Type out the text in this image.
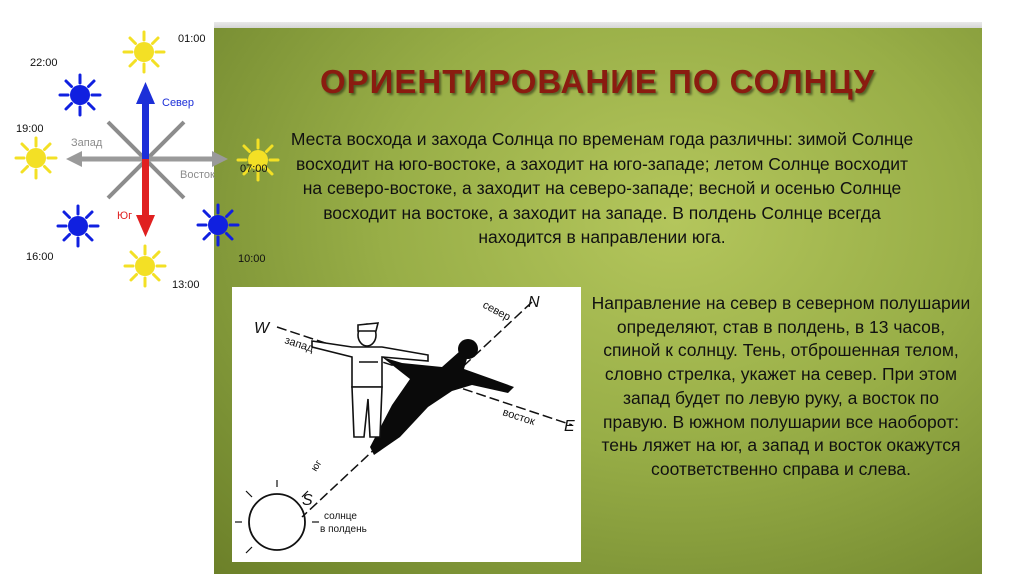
ОРИЕНТИРОВАНИЕ ПО СОЛНЦУ
Места восхода и захода Солнца по временам года различны: зимой Солнце восходит на юго-востоке, а заходит на юго-западе; летом Солнце восходит на северо-востоке, а заходит на северо-западе; весной и осенью Солнце восходит на востоке, а заходит на западе. В полдень Солнце всегда находится в направлении юга.
Направление на север в северном полушарии определяют, став в полдень, в 13 часов, спиной к солнцу. Тень, отброшенная телом, словно стрелка, укажет на север. При этом запад будет по левую руку, а восток по правую. В южном полушарии все наоборот: тень ляжет на юг, а запад и восток окажутся соответственно справа и слева.
Север
Юг
Запад
Восток
01:00
22:00
19:00
16:00
13:00
10:00
07:00
W
запад
N
север
E
восток
S
юг
солнце
в полдень
